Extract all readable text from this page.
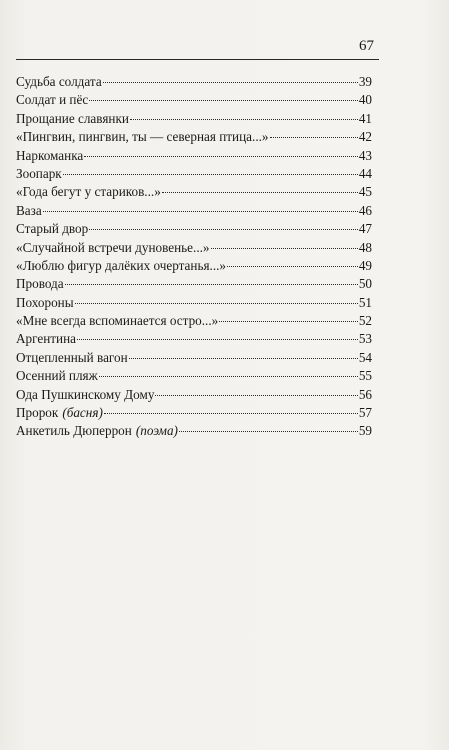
67
Судьба солдата	39
Солдат и пёс	40
Прощание славянки	41
«Пингвин, пингвин, ты — северная птица...»	42
Наркоманка	43
Зоопарк	44
«Года бегут у стариков...»	45
Ваза	46
Старый двор	47
«Случайной встречи дуновенье...»	48
«Люблю фигур далёких очертанья...»	49
Провода	50
Похороны	51
«Мне всегда вспоминается остро...»	52
Аргентина	53
Отцепленный вагон	54
Осенний пляж	55
Ода Пушкинскому Дому	56
Пророк (басня)	57
Анкетиль Дюперрон (поэма)	59
